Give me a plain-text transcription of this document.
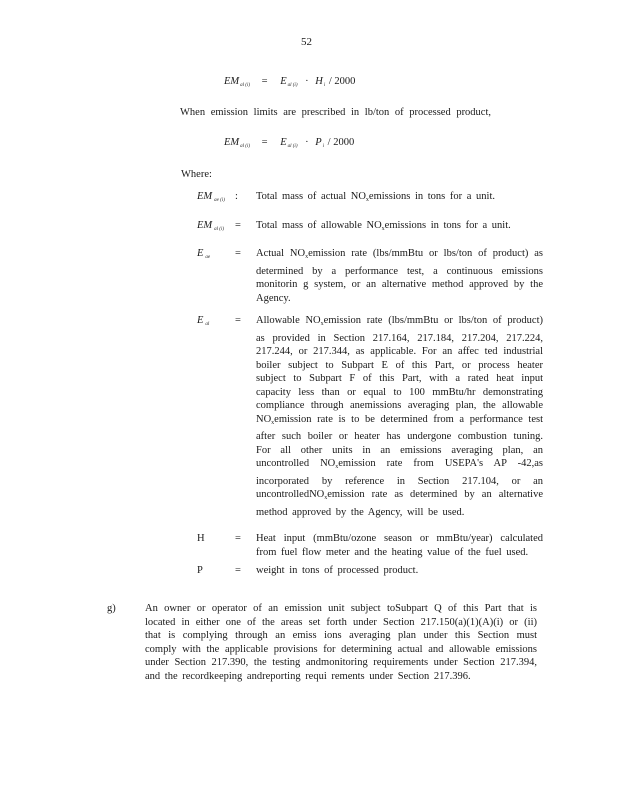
52
$EM_{al (i)} = E_{al (i)} \cdot H_i / 2000$
When emission limits are prescribed in lb/ton of processed product,
$EM_{al (i)} = E_{al (i)} \cdot P_i / 2000$
Where:
EM $_{ae (i)}$ :	Total mass of actual $NO_xemissions$ in tons for a unit.
EM $_{al (i)}$	=	Total mass of allowable $NO_xemissions$ in tons for a unit.
E $_{ae}$	=	Actual $NO_xemission$ rate (lbs/mmBtu or lbs/ton of product) as determined by a performance test, a continuous emissions monitorin g system, or an alternative method approved by the Agency.
E $_{al}$	=	Allowable $NO_xemission$ rate (lbs/mmBtu or lbs/ton of product) as provided in Section 217.164, 217.184, 217.204, 217.224, 217.244, or 217.344, as applicable. For an affec ted industrial boiler subject to Subpart E of this Part, or process heater subject to Subpart F of this Part, with a rated heat input capacity less than or equal to 100 mmBtu/hr demonstrating compliance through anemissions averaging plan, the allowable $NO_xemission$ rate is to be determined from a performance test after such boiler or heater has undergone combustion tuning. For all other units in an emissions averaging plan, an uncontrolled $NO_xemission$ rate from USEPA's AP -42,as incorporated by reference in Section 217.104, or an uncontrolledNO$_x$emission rate as determined by an alternative method approved by the Agency, will be used.
H	=	Heat input (mmBtu/ozone season or mmBtu/year) calculated from fuel flow meter and the heating value of the fuel used.
P	=	weight in tons of processed product.
g)	An owner or operator of an emission unit subject toSubpart Q of this Part that is located in either one of the areas set forth under Section 217.150(a)(1)(A)(i) or (ii) that is complying through an emiss ions averaging plan under this Section must comply with the applicable provisions for determining actual and allowable emissions under Section 217.390, the testing andmonitoring requirements under Section 217.394, and the recordkeeping andreporting requi rements under Section 217.396.
